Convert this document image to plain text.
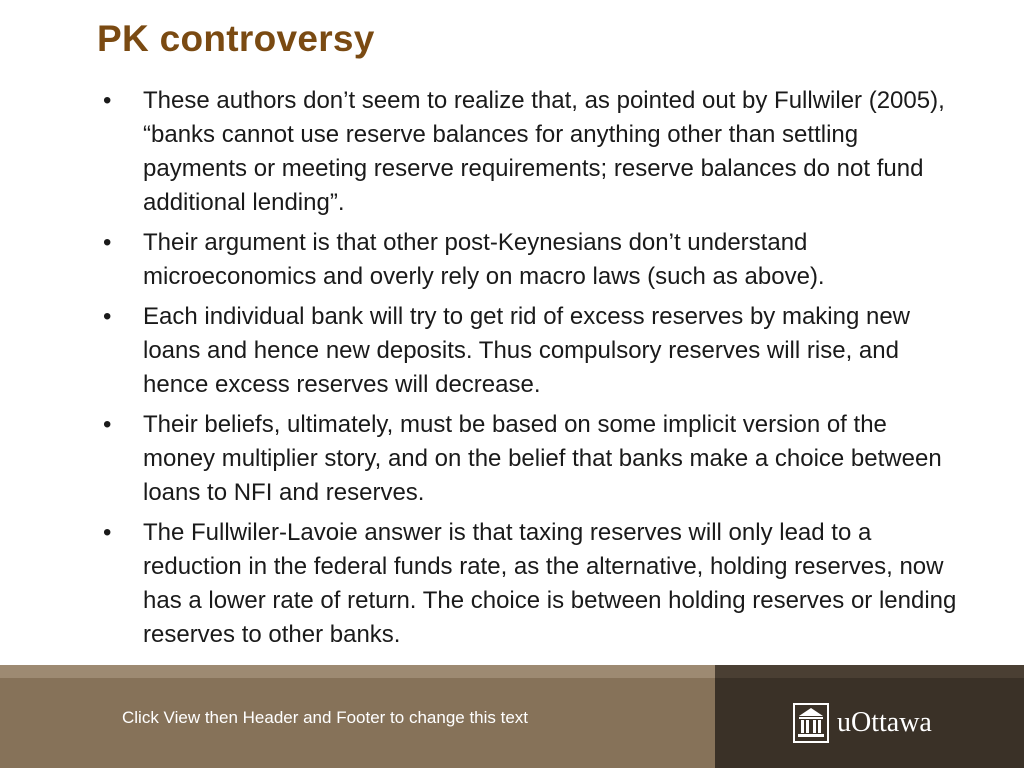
PK controversy
• These authors don’t seem to realize that, as pointed out by Fullwiler (2005), “banks cannot use reserve balances for anything other than settling payments or meeting reserve requirements; reserve balances do not fund additional lending”.
• Their argument is that other post-Keynesians don’t understand microeconomics and overly rely on macro laws (such as above).
• Each individual bank will try to get rid of excess reserves by making new loans and hence new deposits. Thus compulsory reserves will rise, and hence excess reserves will decrease.
• Their beliefs, ultimately, must be based on some implicit version of the money multiplier story, and on the belief that banks make a choice between loans to NFI and reserves.
• The Fullwiler-Lavoie answer is that taxing reserves will only lead to a reduction in the federal funds rate, as the alternative, holding reserves, now has a lower rate of return. The choice is between holding reserves or lending reserves to other banks.
Click View then Header and Footer to change this text	uOttawa
